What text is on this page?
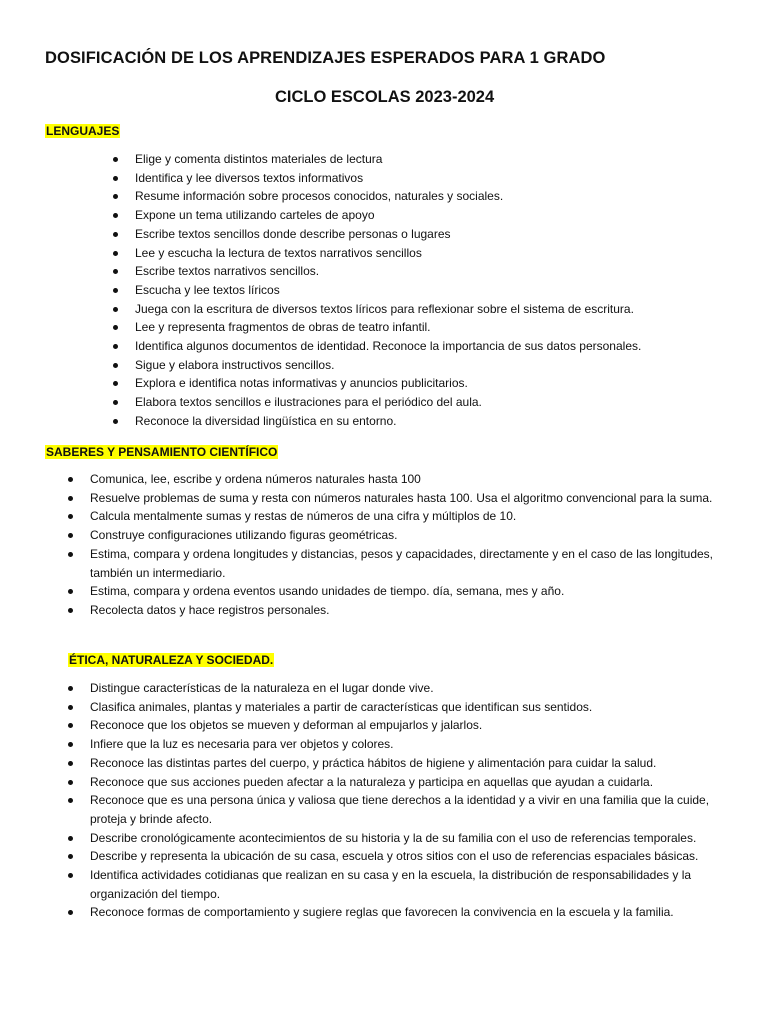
DOSIFICACIÓN DE LOS APRENDIZAJES ESPERADOS PARA 1 GRADO
CICLO ESCOLAS 2023-2024
LENGUAJES
Elige y comenta distintos materiales de lectura
Identifica y lee diversos textos informativos
Resume información sobre procesos conocidos, naturales y sociales.
Expone un tema utilizando carteles de apoyo
Escribe textos sencillos donde describe personas o lugares
Lee y escucha la lectura de textos narrativos sencillos
Escribe textos narrativos sencillos.
Escucha y lee textos líricos
Juega con la escritura de diversos textos líricos para reflexionar sobre el sistema de escritura.
Lee y representa fragmentos de obras de teatro infantil.
Identifica algunos documentos de identidad. Reconoce la importancia de sus datos personales.
Sigue y elabora instructivos sencillos.
Explora e identifica notas informativas y anuncios publicitarios.
Elabora textos sencillos e ilustraciones para el periódico del aula.
Reconoce la diversidad lingüística en su entorno.
SABERES Y PENSAMIENTO CIENTÍFICO
Comunica, lee, escribe y ordena números naturales hasta 100
Resuelve problemas de suma y resta con números naturales hasta 100. Usa el algoritmo convencional para la suma.
Calcula mentalmente sumas y restas de números de una cifra y múltiplos de 10.
Construye configuraciones utilizando figuras geométricas.
Estima, compara y ordena longitudes y distancias, pesos y capacidades, directamente y en el caso de las longitudes, también un intermediario.
Estima, compara y ordena eventos usando unidades de tiempo. día, semana, mes y año.
Recolecta datos y hace registros personales.
ÉTICA, NATURALEZA Y SOCIEDAD.
Distingue características de la naturaleza en el lugar donde vive.
Clasifica animales, plantas y materiales a partir de características que identifican sus sentidos.
Reconoce que los objetos se mueven y deforman al empujarlos y jalarlos.
Infiere que la luz es necesaria para ver objetos y colores.
Reconoce las distintas partes del cuerpo, y práctica hábitos de higiene y alimentación para cuidar la salud.
Reconoce que sus acciones pueden afectar a la naturaleza y participa en aquellas que ayudan a cuidarla.
Reconoce que es una persona única y valiosa que tiene derechos a la identidad y a vivir en una familia que la cuide, proteja y brinde afecto.
Describe cronológicamente acontecimientos de su historia y la de su familia con el uso de referencias temporales.
Describe y representa la ubicación de su casa, escuela y otros sitios con el uso de referencias espaciales básicas.
Identifica actividades cotidianas que realizan en su casa y en la escuela, la distribución de responsabilidades y la organización del tiempo.
Reconoce formas de comportamiento y sugiere reglas que favorecen la convivencia en la escuela y la familia.
